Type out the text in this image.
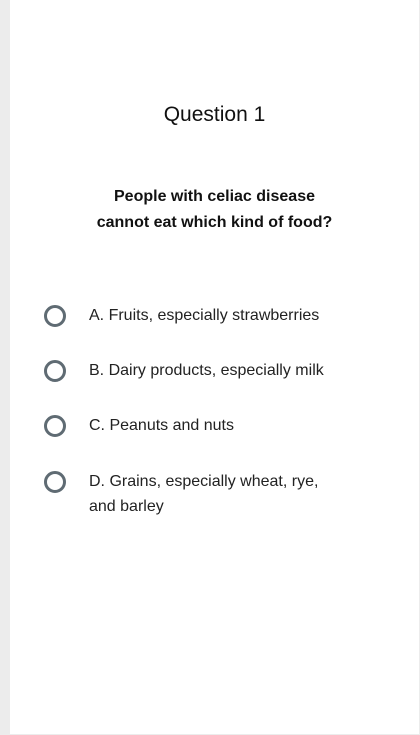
Question 1
People with celiac disease
cannot eat which kind of food?
A. Fruits, especially strawberries
B. Dairy products, especially milk
C. Peanuts and nuts
D. Grains, especially wheat, rye,
and barley
